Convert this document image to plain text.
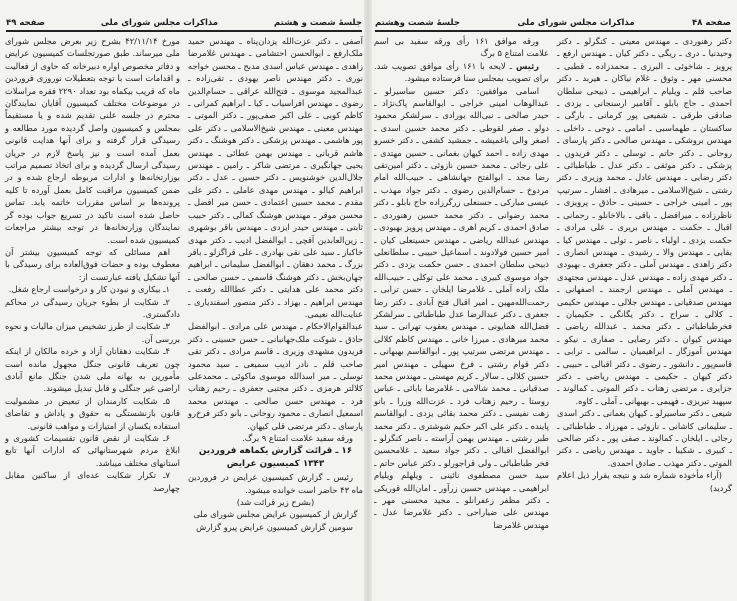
صفحه ۴۹	مذاکرات مجلس شورای ملی	جلسهٔ شصت و هشتم

آصفی ـ دکتر عزت‌الله یزدان‌پناه ـ مهندس حمید ملک‌ارفع ـ ابوالحسن احتشامی ـ مهندس غلامرضا زاهدی ـ مهندس عباس اسدی مدبح ـ محسن خواجه نوری ـ دکتر مهندس ناصر یهودی ـ تقی‌زاده ـ عبدالمجید موسوی ـ فتح‌الله عراقی ـ حسام‌الدین رضوی ـ مهندس افراسیاب ـ کیا ـ ابراهیم کمرانی ـ کاظم کوبی ـ علی اکبر صفی‌پور ـ دکتر الموتی ـ مهندس معینی ـ مهندس شیخ‌الاسلامی ـ دکتر علی پور هاشمی ـ مهندس پزشکی ـ دکتر هوشنگ ـ دکتر هاشم قربانی ـ مهندس بهمن عطائی ـ مهندس یحیی جهانگیری ـ مرتضی شاکر ـ رامین ـ مهندس جلال‌الدین خوشنویس ـ دکتر حسین ـ عدل ـ دکتر ابراهیم کیالو ـ مهندس مهدی عاملی ـ دکتر علی مقدم ـ محمد حسین اعتمادی ـ حسن میر افضل ـ محسن موقر ـ مهندس هوشنگ کمالی ـ دکتر حبیب ثابتی ـ مهندس حیدر ایزدی ـ مهندس باقر بوشهری ـ زین‌العابدین آقچی ـ ابوالفضل ادیب ـ دکتر مهدی خاکباز ـ سید علی نقی بهادری ـ علی قراگزلو ـ باقر بزرگ ـ محمد دهقان ـ ابوالفضل سلیمانی ـ ابراهیم جهان‌بخش ـ دکتر هوشنگ قاسمی ـ حسن صالحی ـ دکتر محمد علی هدایتی ـ دکتر عطاالله رفعت ـ مهندس ابراهیم ـ بهزاد ـ دکتر منصور اسفندیاری ـ عنایت‌الله نعیمی.

عبدالقوام‌الاحکام ـ مهندس علی مرادی ـ ابوالفضل حاذق ـ شوکت ملک‌جهانبانی ـ حسن حسینی ـ دکتر فریدون مشهدی وزیری ـ قاسم مرادی ـ دکتر تقی صاحب قلم ـ نادر ادیب سمیعی ـ سید محمود توسلی ـ میر اسدالله موسوی ماکوئی ـ محمدعلی کلالتر هرمزی ـ دکتر مجتبی جعفری ـ رحیم زهتاب فرد ـ مهندس حسن صالحی ـ مهندس محمد اسمعیل انصاری ـ محمود روحانی ـ بانو دکتر فرخ‌رو پارسای ـ دکتر مرتضی قلی کیهان.

ورقه سفید علامت امتناع ۹ برگ.

۱۶ ـ قرائت گزارش یکماهه فروردین ۱۳۴۳ کمیسیون عرایض

رئیس ـ گزارش کمیسیون عرایض در فروردین ماه ۴۳ حاضر است خوانده میشود.

(بشرح زیر قرائت شد)

گزارش از کمیسیون عرایض مجلس شورای ملی

سومین گزارش کمیسیون عرایض پیرو گزارش

مورخ ۴۲/۱۱/۱۴ بشرح زیر بعرض مجلس شورای ملی میرساند. طبق صورتجلسات کمیسیون عرایض و دفاتر مخصوص اواره دبیرخانه که حاوی از فعالیت و اقدامات است با توجه بتعطیلات نوروزی فروردین ماه که قریب بیکماه بود تعداد ۲۲۹۰ فقره مراسلات در موضوعات مختلف کمیسیون آقایان نمایندگان محترم در جلسه علنی تقدیم شده و یا مستقیماً بمجلس و کمیسیون واصل گردیده مورد مطالعه و رسیدگی قرار گرفته و برای آنها هدایت قانونی بعمل آمده است و نیز پاسخ لازم در جریان رسیدگی ارسال گردیده و برای اتخاذ تصمیم مراتب بوزارتخانه‌ها و ادارات مربوطه ارجاع شده و در ضمن کمیسیون مراقبت کامل بعمل آورده تا کلیه پرونده‌ها بر اساس مقررات خاتمه یابد. تماس حاصل شده است تاکید در تسریع جواب بوده گر نمایندگان وزارتخانه‌ها در توجه بیشتر مراجعات کمیسیون شده است.

اهم مسائلی که توجه کمیسیون بیشتر آن معطوف بوده و حضات فوق‌العاده برای رسیدگی با آنها تشکیل یافته عبارتست از:

۱ـ بیکاری و نبودن کار و درخواست ارجاع شغل.

۲ـ شکایت از بطوء جریان رسیدگی در محاکم دادگستری.

۳ـ شکایت از طرز تشخیص میزان مالیات و نحوه بررسی آن.

۴ـ شکایت دهقانان آزاد و خرده مالکان از اینکه چون تعریف قانونی جنگل مجهول مانده است مأمورین به بهانه ملی شدن جنگل مانع آبادی اراضی غیر جنگلی و قابل تبدیل میشوند.

۵ـ شکایت کارمندان از تبعیض در مشمولیت قانون بازنشستگی به حقوق و پاداش و تقاضای استفاده یکسان از امتیازات و مواهب قانونی.

۶ـ شکایت از نقض قانون تقسیمات کشوری و ابلاغ مردم شهرستانهائی که ادارات آنها تابع استانهای مختلف میباشد.

۷ـ تکرار شکایت عده‌ای از ساکنین مقابل چهارصد

جلسهٔ شصت وهشتم	مذاکرات مجلس شورای ملی	صفحه ۴۸

دکتر رهنوردی ـ مهندس معینی ـ کنگرلو ـ دکتر وحیدنیا ـ دری ـ ریگی ـ دکتر کیان ـ مهندس ارفع ـ پرویز ـ شاخوئی ـ البرزی ـ محمدزاده ـ قطبی ـ محسنی مهر ـ وثوق ـ غلام نیاکان ـ هیربد ـ دکتر صاحب قلم ـ ویلیام ـ ابراهیمی ـ ذبیحی سلطان احمدی ـ حاج بابلو ـ آقامیر ارسنجانی ـ یزدی ـ صادقی طرقی ـ شفیعی پور کرمانی ـ بارگی ـ ساکستان ـ طهماسبی ـ امامی ـ دوحی ـ داخلی ـ مهندس بروشکی ـ مهندس صالحی ـ دکتر پارسای ـ روحانی ـ دکتر حاتم ـ توسلی ـ دکتر فریدون ـ پزشکی ـ دکتر موثقی ـ دکتر عدل ـ طباطبائی ـ دکتر رضایی ـ مهندس عادل ـ محمد وزیری ـ دکتر رشتی ـ شیخ‌الاسلامی ـ میرهادی ـ افشار ـ سرتیپ پور ـ امینی خراجی ـ حسینی ـ حاذق ـ پرویزی ـ ناظرزاده ـ میرافضل ـ باقی ـ بالاخانلو ـ رحمانی ـ اقبال ـ حکمت ـ مهندس بریری ـ علی مرادی ـ حکمت یزدی ـ اولیاء ـ ناصر ـ تولی ـ مهندس کیا ـ بقایی ـ مهندس والا ـ رشیدی ـ مهندس انصاری ـ دکتر زاهدی ـ مهندس آملی ـ دکتر جعفری ـ بهبودی ـ دکتر مهدی زاده ـ مهندس عدل ـ مهندس مجتهدی ـ مهندس آملی ـ مهندس ارجمند ـ اصفهانی ـ مهندس صدقیانی ـ مهندس جلالی ـ مهندس حکیمی ـ کلالی ـ سراج ـ دکتر یگانگی ـ حکیمیان ـ فخرطباطبائی ـ دکتر محمد ـ عبدالله ریاضی ـ مهندس کیوان ـ دکتر رضایی ـ صفاری ـ نیکو ـ مهندس آموزگار ـ ابراهیمیان ـ سالمی ـ ترابی ـ قاسم‌پور ـ دانشور ـ رضوی ـ دکتر اقبالی ـ حبیبی ـ دکتر کیهان ـ حکیمی ـ مهندس ریاضی ـ دکتر جزایری ـ مرتضی زهتاب ـ دکتر الموتی ـ کمالوند ـ سپهبد تبریزی ـ فهیمی ـ بهبهانی ـ آملی ـ کاوه.

شیعی ـ دکتر ساسیرلو ـ کیهان بغمانی ـ دکتر اسدی ـ سلیمانی کاشانی ـ نازوئی ـ مهرزاد ـ طباطبائی ـ رجائی ـ ایلخان ـ کمالوند ـ صفی پور ـ دکتر صالحی ـ کبیری ـ شکیبا ـ جاوید ـ مهندس ریاضی ـ دکتر الموتی ـ دکتر مهذب ـ صادق احمدی.

(آراء مأخوذه شماره شد و نتیجه بقرار ذیل اعلام گردید)

ورقه موافق ۱۶۱ رأی ورقه سفید بی اسم علامت امتناع ۵ برگ

رئیس ـ لایحه با ۱۶۱ رأی موافق تصویب شد. برای تصویب بمجلس سنا فرستاده میشود.

اسامی موافقین: دکتر حسین ساسیرلو ـ عبدالوهاب امینی خراجی ـ ابوالقاسم پاک‌نژاد ـ حیدر صالحی ـ نبی‌الله بورادی ـ سرلشکر محمود دولو ـ صفر لقوطی ـ دکتر محمد حسین اسدی ـ اصغر والی باغمیشه ـ جمشید کشفی ـ دکتر خسرو مهدی زاده ـ احمد کیهان بغمانی ـ حسین مهتدی ـ علی رجائی ـ محمد حسین نازوئی ـ دکتر امین‌تقی رضا مجد ـ ابوالفتح جهانشاهی ـ حبیب‌الله امام مردوخ ـ حسام‌الدین رضوی ـ دکتر جواد مهذب ـ عیسی مبارکی ـ حسنعلی زرگرزاده حاج بابلو ـ دکتر محمد رضوانی ـ دکتر محمد حسین رهنوردی ـ صادق احمدی ـ کریم اهری ـ مهندس پرویز بهبودی ـ مهندس عبدالله ریاضی ـ مهندس حسینعلی کیان ـ امیر حسین فولادوند ـ اسماعیل حبیبی ـ سلطانعلی ذبیحی سلطان احمدی ـ حسن حکمت یزدی ـ دکتر جواد موسوی کبیری ـ محمد علی توکلی ـ حبیب‌الله ملک زاده آملی ـ غلامرضا ایلخان ـ حسن ترابی ـ رحمت‌الله‌مهین ـ امیر اقبال فتح آبادی ـ دکتر رضا جعفری ـ دکتر عبدالرضا عدل طباطبائی ـ سرلشکر فضل‌الله همایونی ـ مهندس یعقوب تهرانی ـ سید محمد میرهادی ـ میرزا خانی ـ مهندس کاظم کلالی ـ مهندس مرتضی سرتیپ پور ـ ابوالقاسم بهبهانی ـ دکتر قوام رشتی ـ فرخ سهیلی ـ مهندس امیر حسین کلالی ـ سالار ـ کریم مهستی ـ مهندس محمد صدقیانی ـ محمد شالامی ـ غلامرضا بابائی ـ عباس روستا ـ رحیم زهتاب فرد ـ عزت‌الله وزرا ـ بانو زهت نفیسی ـ دکتر محمد بقائی یزدی ـ ابوالقاسم پاینده ـ دکتر علی اکبر حکیم شوشتری ـ دکتر محمد طبر رشتی ـ مهندس بهمن آراسته ـ ناصر کنگرلو ـ ابوالفضل اقبالی ـ دکتر جواد سعید ـ غلامحسین فخر طباطبائی ـ ولی قراجورلو ـ دکتر عباس حاتم ـ سید حسن مصطفوی نائینی ـ ویلهلم ویلیام ابراهیمی ـ مهندس حسین زرآور ـ امان‌الله قوریکی ـ دکتر مظفر زعفرانلو ـ مجید محسنی مهر ـ مهندس علی ضیاراحی ـ دکتر غلامرضا عدل ـ مهندس غلامرضا
